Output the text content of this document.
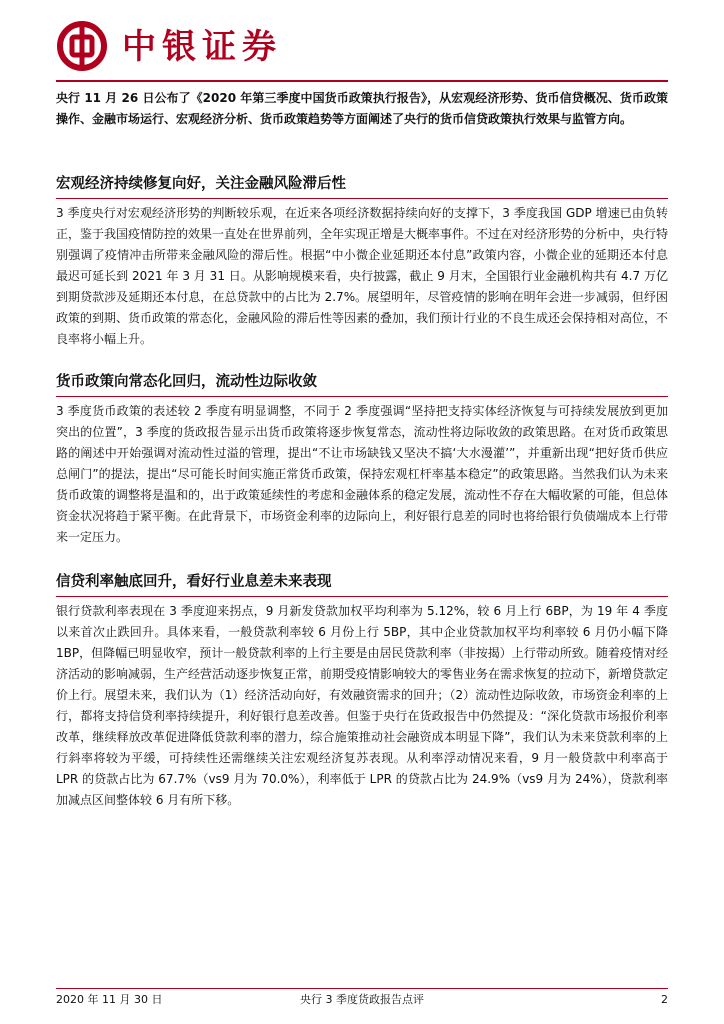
中银证券
央行 11 月 26 日公布了《2020 年第三季度中国货币政策执行报告》，从宏观经济形势、货币信贷概况、货币政策操作、金融市场运行、宏观经济分析、货币政策趋势等方面阐述了央行的货币信贷政策执行效果与监管方向。
宏观经济持续修复向好，关注金融风险滞后性

3 季度央行对宏观经济形势的判断较乐观，在近来各项经济数据持续向好的支撑下，3 季度我国 GDP 增速已由负转正，鉴于我国疫情防控的效果一直处在世界前列，全年实现正增是大概率事件。不过在对经济形势的分析中，央行特别强调了疫情冲击所带来金融风险的滞后性。根据“中小微企业延期还本付息”政策内容，小微企业的延期还本付息最迟可延长到 2021 年 3 月 31 日。从影响规模来看，央行披露，截止 9 月末，全国银行业金融机构共有 4.7 万亿到期贷款涉及延期还本付息，在总贷款中的占比为 2.7%。展望明年，尽管疫情的影响在明年会进一步减弱，但纾困政策的到期、货币政策的常态化，金融风险的滞后性等因素的叠加，我们预计行业的不良生成还会保持相对高位，不良率将小幅上升。

货币政策向常态化回归，流动性边际收敛

3 季度货币政策的表述较 2 季度有明显调整，不同于 2 季度强调“坚持把支持实体经济恢复与可持续发展放到更加突出的位置”，3 季度的货政报告显示出货币政策将逐步恢复常态，流动性将边际收敛的政策思路。在对货币政策思路的阐述中开始强调对流动性过溢的管理，提出“不让市场缺钱又坚决不搞‘大水漫灌’”，并重新出现“把好货币供应总闸门”的提法，提出“尽可能长时间实施正常货币政策，保持宏观杠杆率基本稳定”的政策思路。当然我们认为未来货币政策的调整将是温和的，出于政策延续性的考虑和金融体系的稳定发展，流动性不存在大幅收紧的可能，但总体资金状况将趋于紧平衡。在此背景下，市场资金利率的边际向上，利好银行息差的同时也将给银行负债端成本上行带来一定压力。

信贷利率触底回升，看好行业息差未来表现

银行贷款利率表现在 3 季度迎来拐点，9 月新发贷款加权平均利率为 5.12%，较 6 月上行 6BP，为 19 年 4 季度以来首次止跌回升。具体来看，一般贷款利率较 6 月份上行 5BP，其中企业贷款加权平均利率较 6 月仍小幅下降 1BP，但降幅已明显收窄，预计一般贷款利率的上行主要是由居民贷款利率（非按揭）上行带动所致。随着疫情对经济活动的影响减弱，生产经营活动逐步恢复正常，前期受疫情影响较大的零售业务在需求恢复的拉动下，新增贷款定价上行。展望未来，我们认为（1）经济活动向好，有效融资需求的回升；（2）流动性边际收敛，市场资金利率的上行，都将支持信贷利率持续提升，利好银行息差改善。但鉴于央行在货政报告中仍然提及：“深化贷款市场报价利率改革，继续释放改革促进降低贷款利率的潜力，综合施策推动社会融资成本明显下降”，我们认为未来贷款利率的上行斜率将较为平缓，可持续性还需继续关注宏观经济复苏表现。从利率浮动情况来看，9 月一般贷款中利率高于 LPR 的贷款占比为 67.7%（vs9 月为 70.0%），利率低于 LPR 的贷款占比为 24.9%（vs9 月为 24%），贷款利率加减点区间整体较 6 月有所下移。

2020 年 11 月 30 日	央行 3 季度货政报告点评	2
